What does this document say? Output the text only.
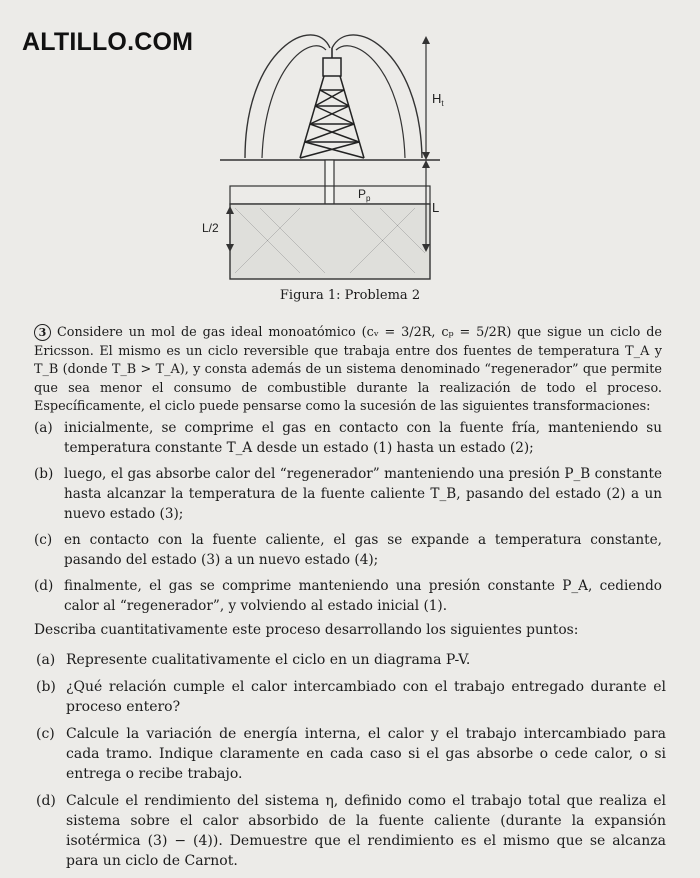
ALTILLO.COM
$H_t$
$P_p$
L
L/2
Figura 1: Problema 2

3 Considere un mol de gas ideal monoatómico (cᵥ = 3/2R, cₚ = 5/2R) que sigue un ciclo de Ericsson. El mismo es un ciclo reversible que trabaja entre dos fuentes de temperatura T_A y T_B (donde T_B > T_A), y consta además de un sistema denominado “regenerador” que permite que sea menor el consumo de combustible durante la realización de todo el proceso. Específicamente, el ciclo puede pensarse como la sucesión de las siguientes transformaciones:

(a) inicialmente, se comprime el gas en contacto con la fuente fría, manteniendo su temperatura constante T_A desde un estado (1) hasta un estado (2);
(b) luego, el gas absorbe calor del “regenerador” manteniendo una presión P_B constante hasta alcanzar la temperatura de la fuente caliente T_B, pasando del estado (2) a un nuevo estado (3);
(c) en contacto con la fuente caliente, el gas se expande a temperatura constante, pasando del estado (3) a un nuevo estado (4);
(d) finalmente, el gas se comprime manteniendo una presión constante P_A, cediendo calor al “regenerador”, y volviendo al estado inicial (1).
Describa cuantitativamente este proceso desarrollando los siguientes puntos:
(a) Represente cualitativamente el ciclo en un diagrama P-V.
(b) ¿Qué relación cumple el calor intercambiado con el trabajo entregado durante el proceso entero?
(c) Calcule la variación de energía interna, el calor y el trabajo intercambiado para cada tramo. Indique claramente en cada caso si el gas absorbe o cede calor, o si entrega o recibe trabajo.
(d) Calcule el rendimiento del sistema η, definido como el trabajo total que realiza el sistema sobre el calor absorbido de la fuente caliente (durante la expansión isotérmica (3) − (4)). Demuestre que el rendimiento es el mismo que se alcanza para un ciclo de Carnot.
